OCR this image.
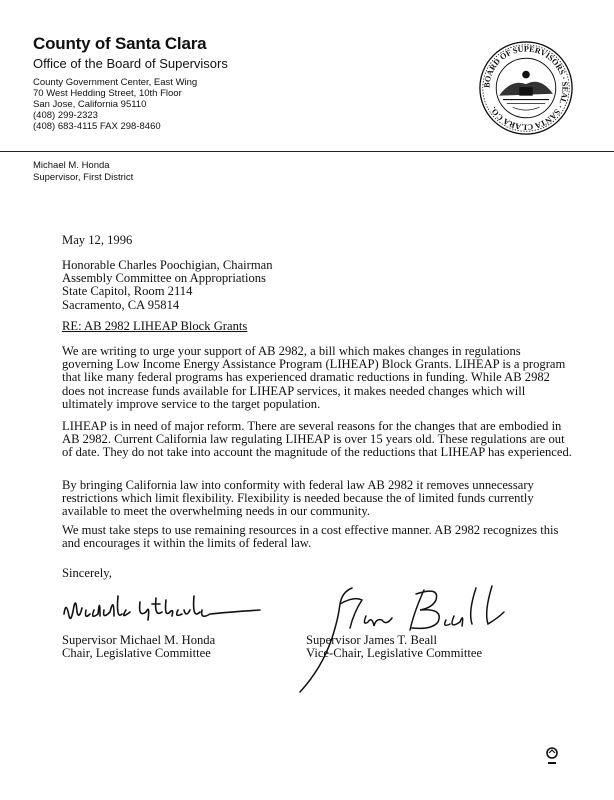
County of Santa Clara
Office of the Board of Supervisors
County Government Center, East Wing
70 West Hedding Street, 10th Floor
San Jose, California 95110
(408) 299-2323
(408) 683-4115 FAX 298-8460
BOARD OF SUPERVISORS · SEAL · SANTA CLARA CO.
Michael M. Honda
Supervisor, First District
May 12, 1996
Honorable Charles Poochigian, Chairman
Assembly Committee on Appropriations
State Capitol, Room 2114
Sacramento, CA 95814
RE: AB 2982 LIHEAP Block Grants
We are writing to urge your support of AB 2982, a bill which makes changes in regulations governing Low Income Energy Assistance Program (LIHEAP) Block Grants. LIHEAP is a program that like many federal programs has experienced dramatic reductions in funding. While AB 2982 does not increase funds available for LIHEAP services, it makes needed changes which will ultimately improve service to the target population.
LIHEAP is in need of major reform. There are several reasons for the changes that are embodied in AB 2982. Current California law regulating LIHEAP is over 15 years old. These regulations are out of date. They do not take into account the magnitude of the reductions that LIHEAP has experienced.
By bringing California law into conformity with federal law AB 2982 it removes unnecessary restrictions which limit flexibility. Flexibility is needed because the of limited funds currently available to meet the overwhelming needs in our community.
We must take steps to use remaining resources in a cost effective manner. AB 2982 recognizes this and encourages it within the limits of federal law.
Sincerely,
Supervisor Michael M. Honda
Chair, Legislative Committee
Supervisor James T. Beall
Vice-Chair, Legislative Committee
